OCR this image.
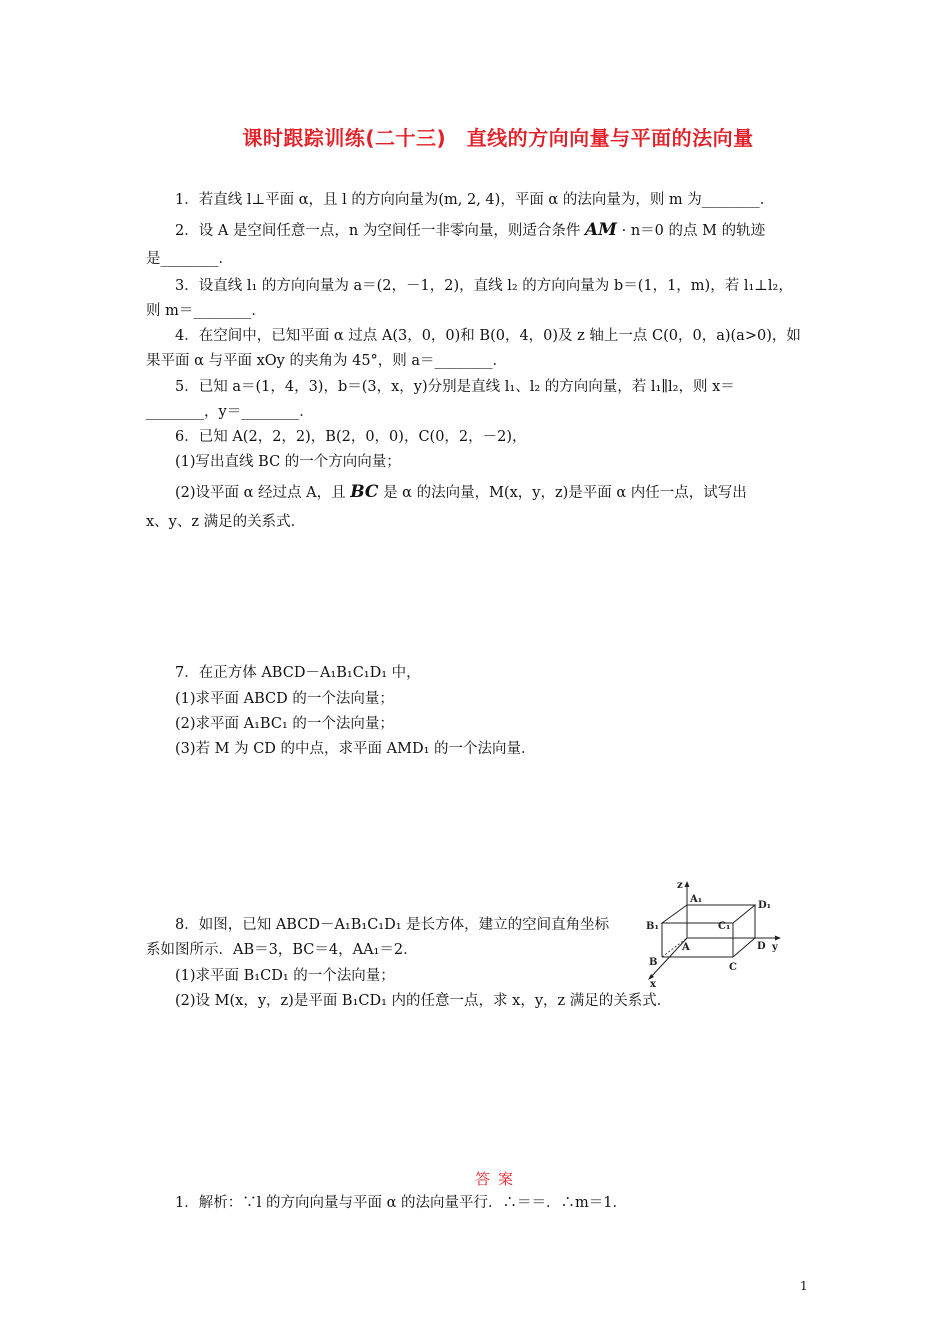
课时跟踪训练(二十三)　直线的方向向量与平面的法向量
1．若直线 l⊥平面 α，且 l 的方向向量为(m, 2, 4)，平面 α 的法向量为，则 m 为________．
2．设 A 是空间任意一点，n 为空间任一非零向量，则适合条件 AM · n＝0 的点 M 的轨迹
是________．
3．设直线 l₁ 的方向向量为 a＝(2，－1，2)，直线 l₂ 的方向向量为 b＝(1，1，m)，若 l₁⊥l₂，
则 m＝________．
4．在空间中，已知平面 α 过点 A(3，0，0)和 B(0，4，0)及 z 轴上一点 C(0，0，a)(a>0)，如
果平面 α 与平面 xOy 的夹角为 45°，则 a＝________．
5．已知 a＝(1，4，3)，b＝(3，x，y)分别是直线 l₁、l₂ 的方向向量，若 l₁∥l₂，则 x＝
________，y＝________．
6．已知 A(2，2，2)，B(2，0，0)，C(0，2，－2)，
(1)写出直线 BC 的一个方向向量；
(2)设平面 α 经过点 A，且 BC 是 α 的法向量，M(x，y，z)是平面 α 内任一点，试写出
x、y、z 满足的关系式．
7．在正方体 ABCD－A₁B₁C₁D₁ 中，
(1)求平面 ABCD 的一个法向量；
(2)求平面 A₁BC₁ 的一个法向量；
(3)若 M 为 CD 的中点，求平面 AMD₁ 的一个法向量．
8．如图，已知 ABCD－A₁B₁C₁D₁ 是长方体，建立的空间直角坐标
系如图所示．AB＝3，BC＝4，AA₁＝2．
(1)求平面 B₁CD₁ 的一个法向量；
(2)设 M(x，y，z)是平面 B₁CD₁ 内的任意一点，求 x，y，z 满足的关系式．
z
y
x
A₁
D₁
B₁	C₁
A	D
B	C
答案
1．解析：∵l 的方向向量与平面 α 的法向量平行．∴＝＝．∴m＝1．
1
